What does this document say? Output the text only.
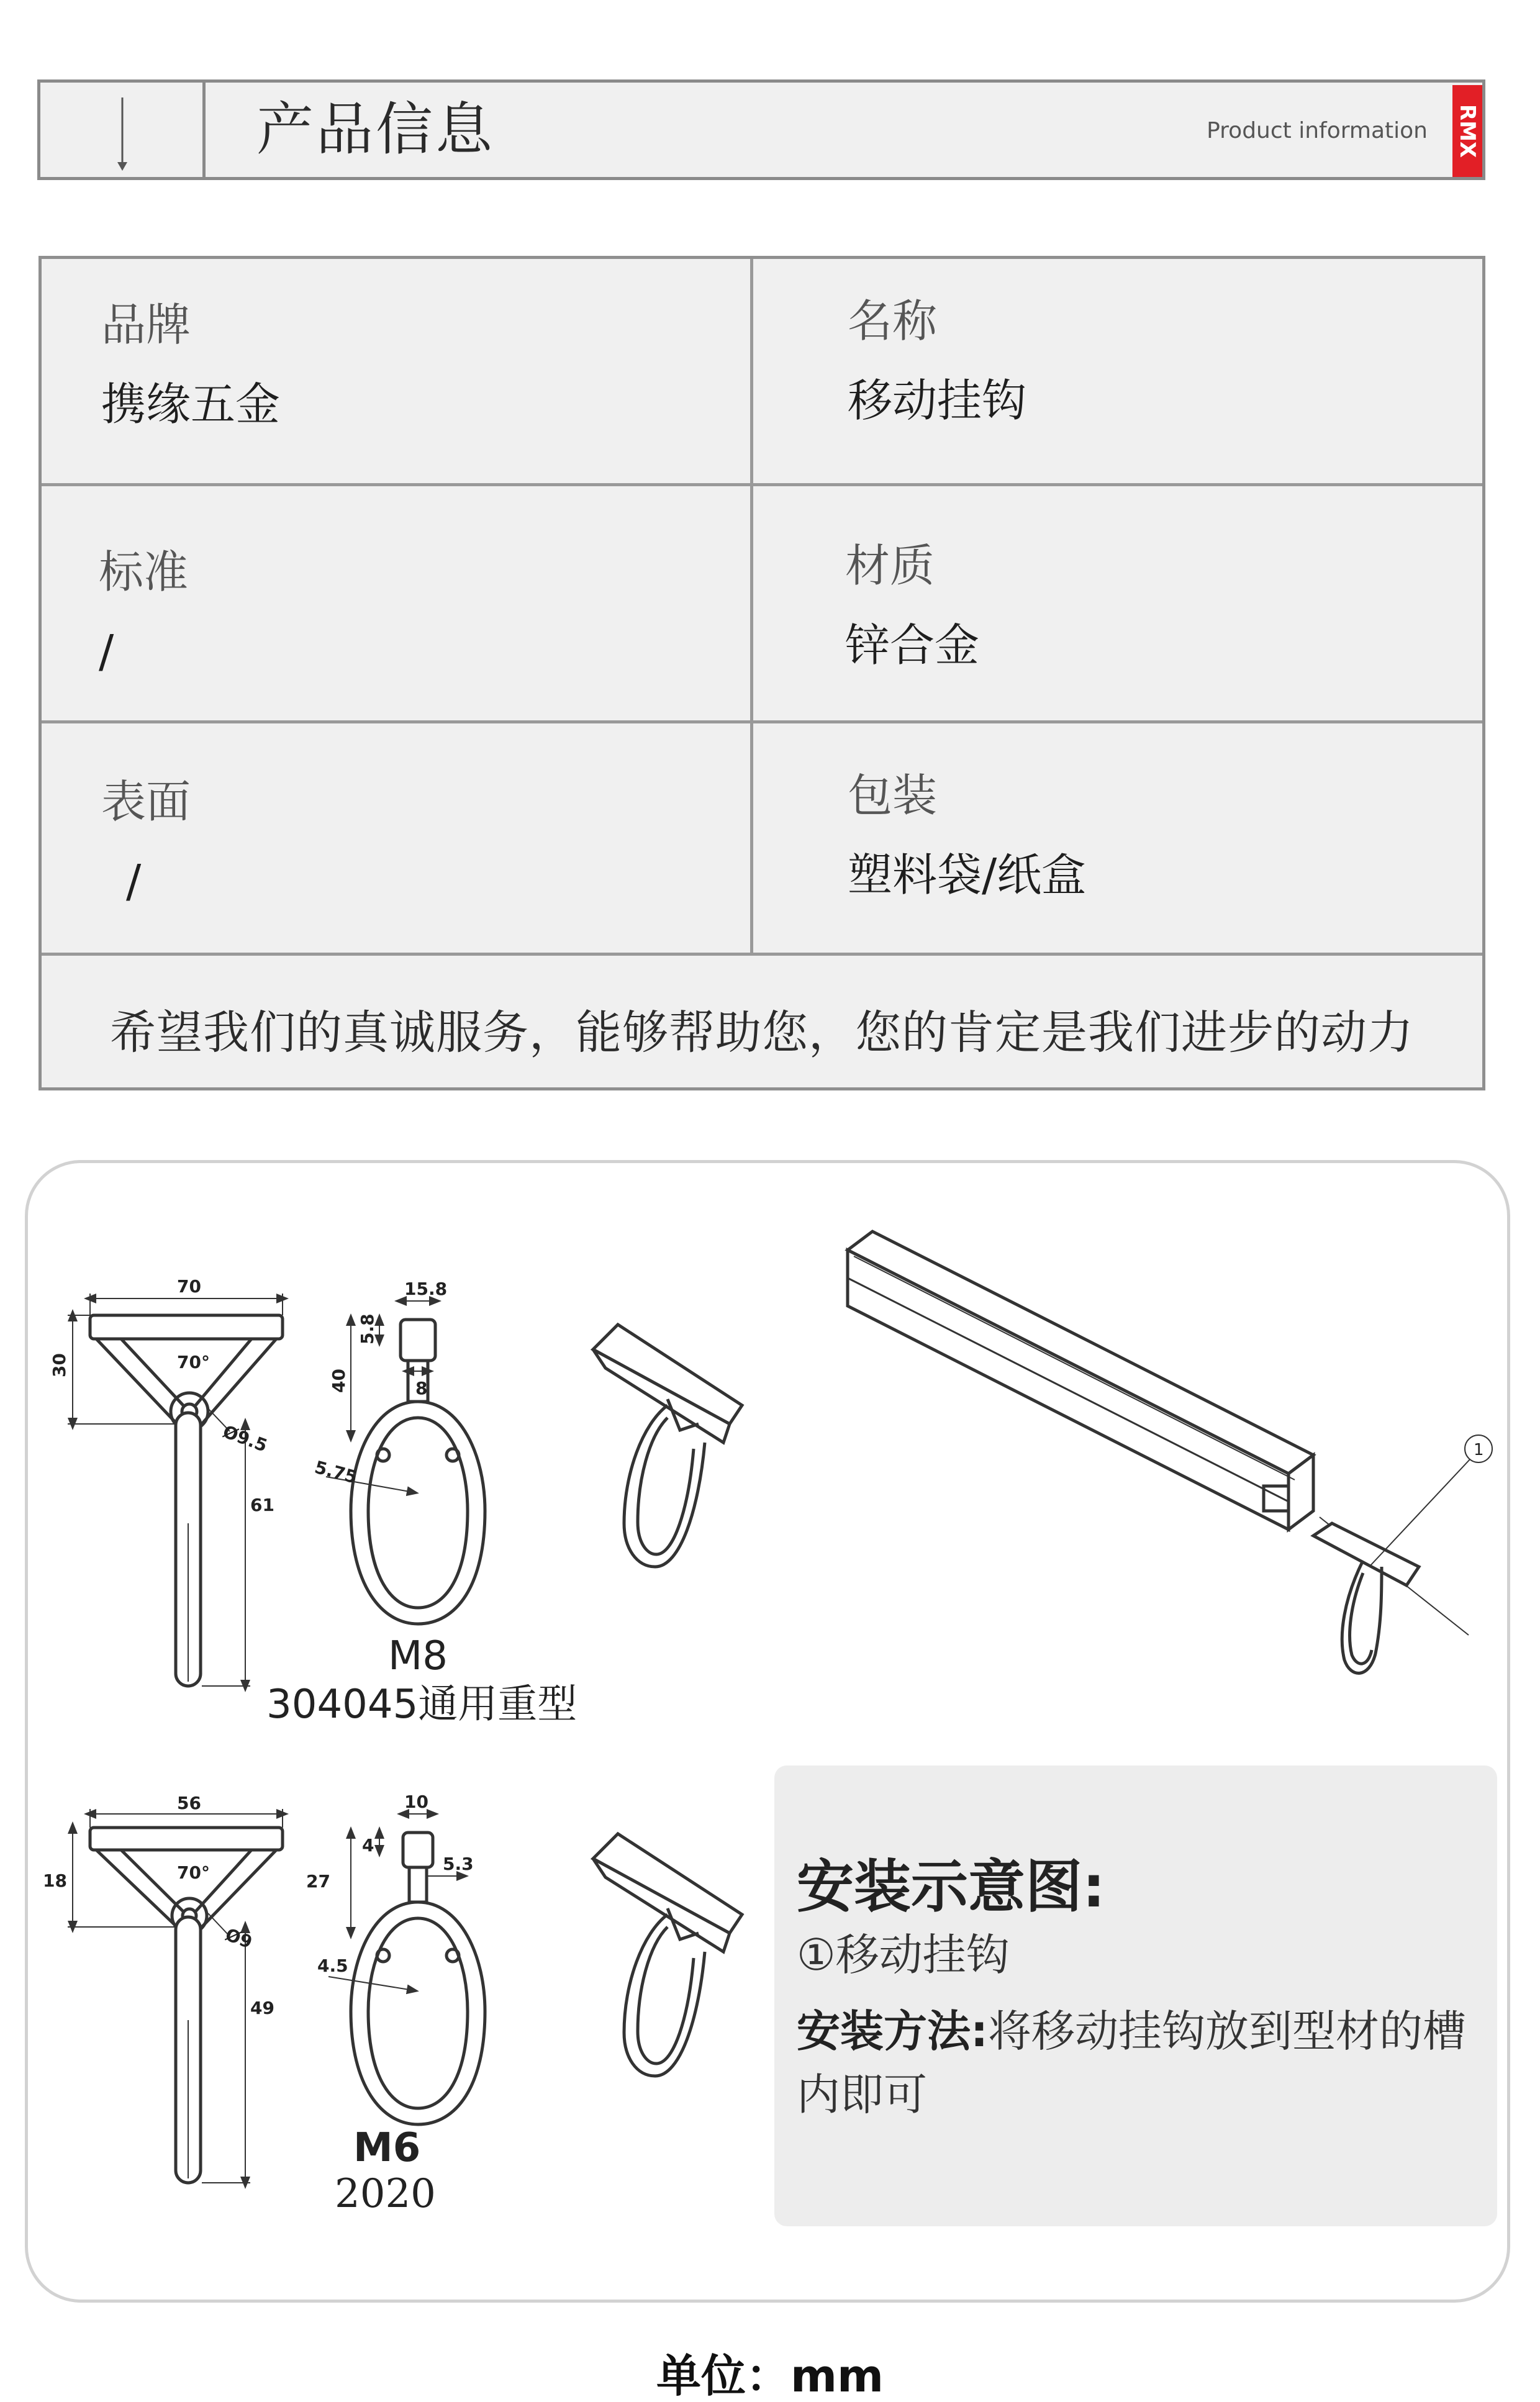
产品信息	Product information RMX
品牌
携缘五金
名称
移动挂钩
标准
/
材质
锌合金
表面
/
包装
塑料袋/纸盒
希望我们的真诚服务，能够帮助您，您的肯定是我们进步的动力
70
30	70°
Ø9.5
61
15.8
5.8
40	8
5.75
1
56
18	70°
Ø9
49
10
4
27
5.3
4.5
M8
304045通用重型
M6
2020
安装示意图:
①移动挂钩
安装方法:将移动挂钩放到型材的槽内即可
单位：mm
